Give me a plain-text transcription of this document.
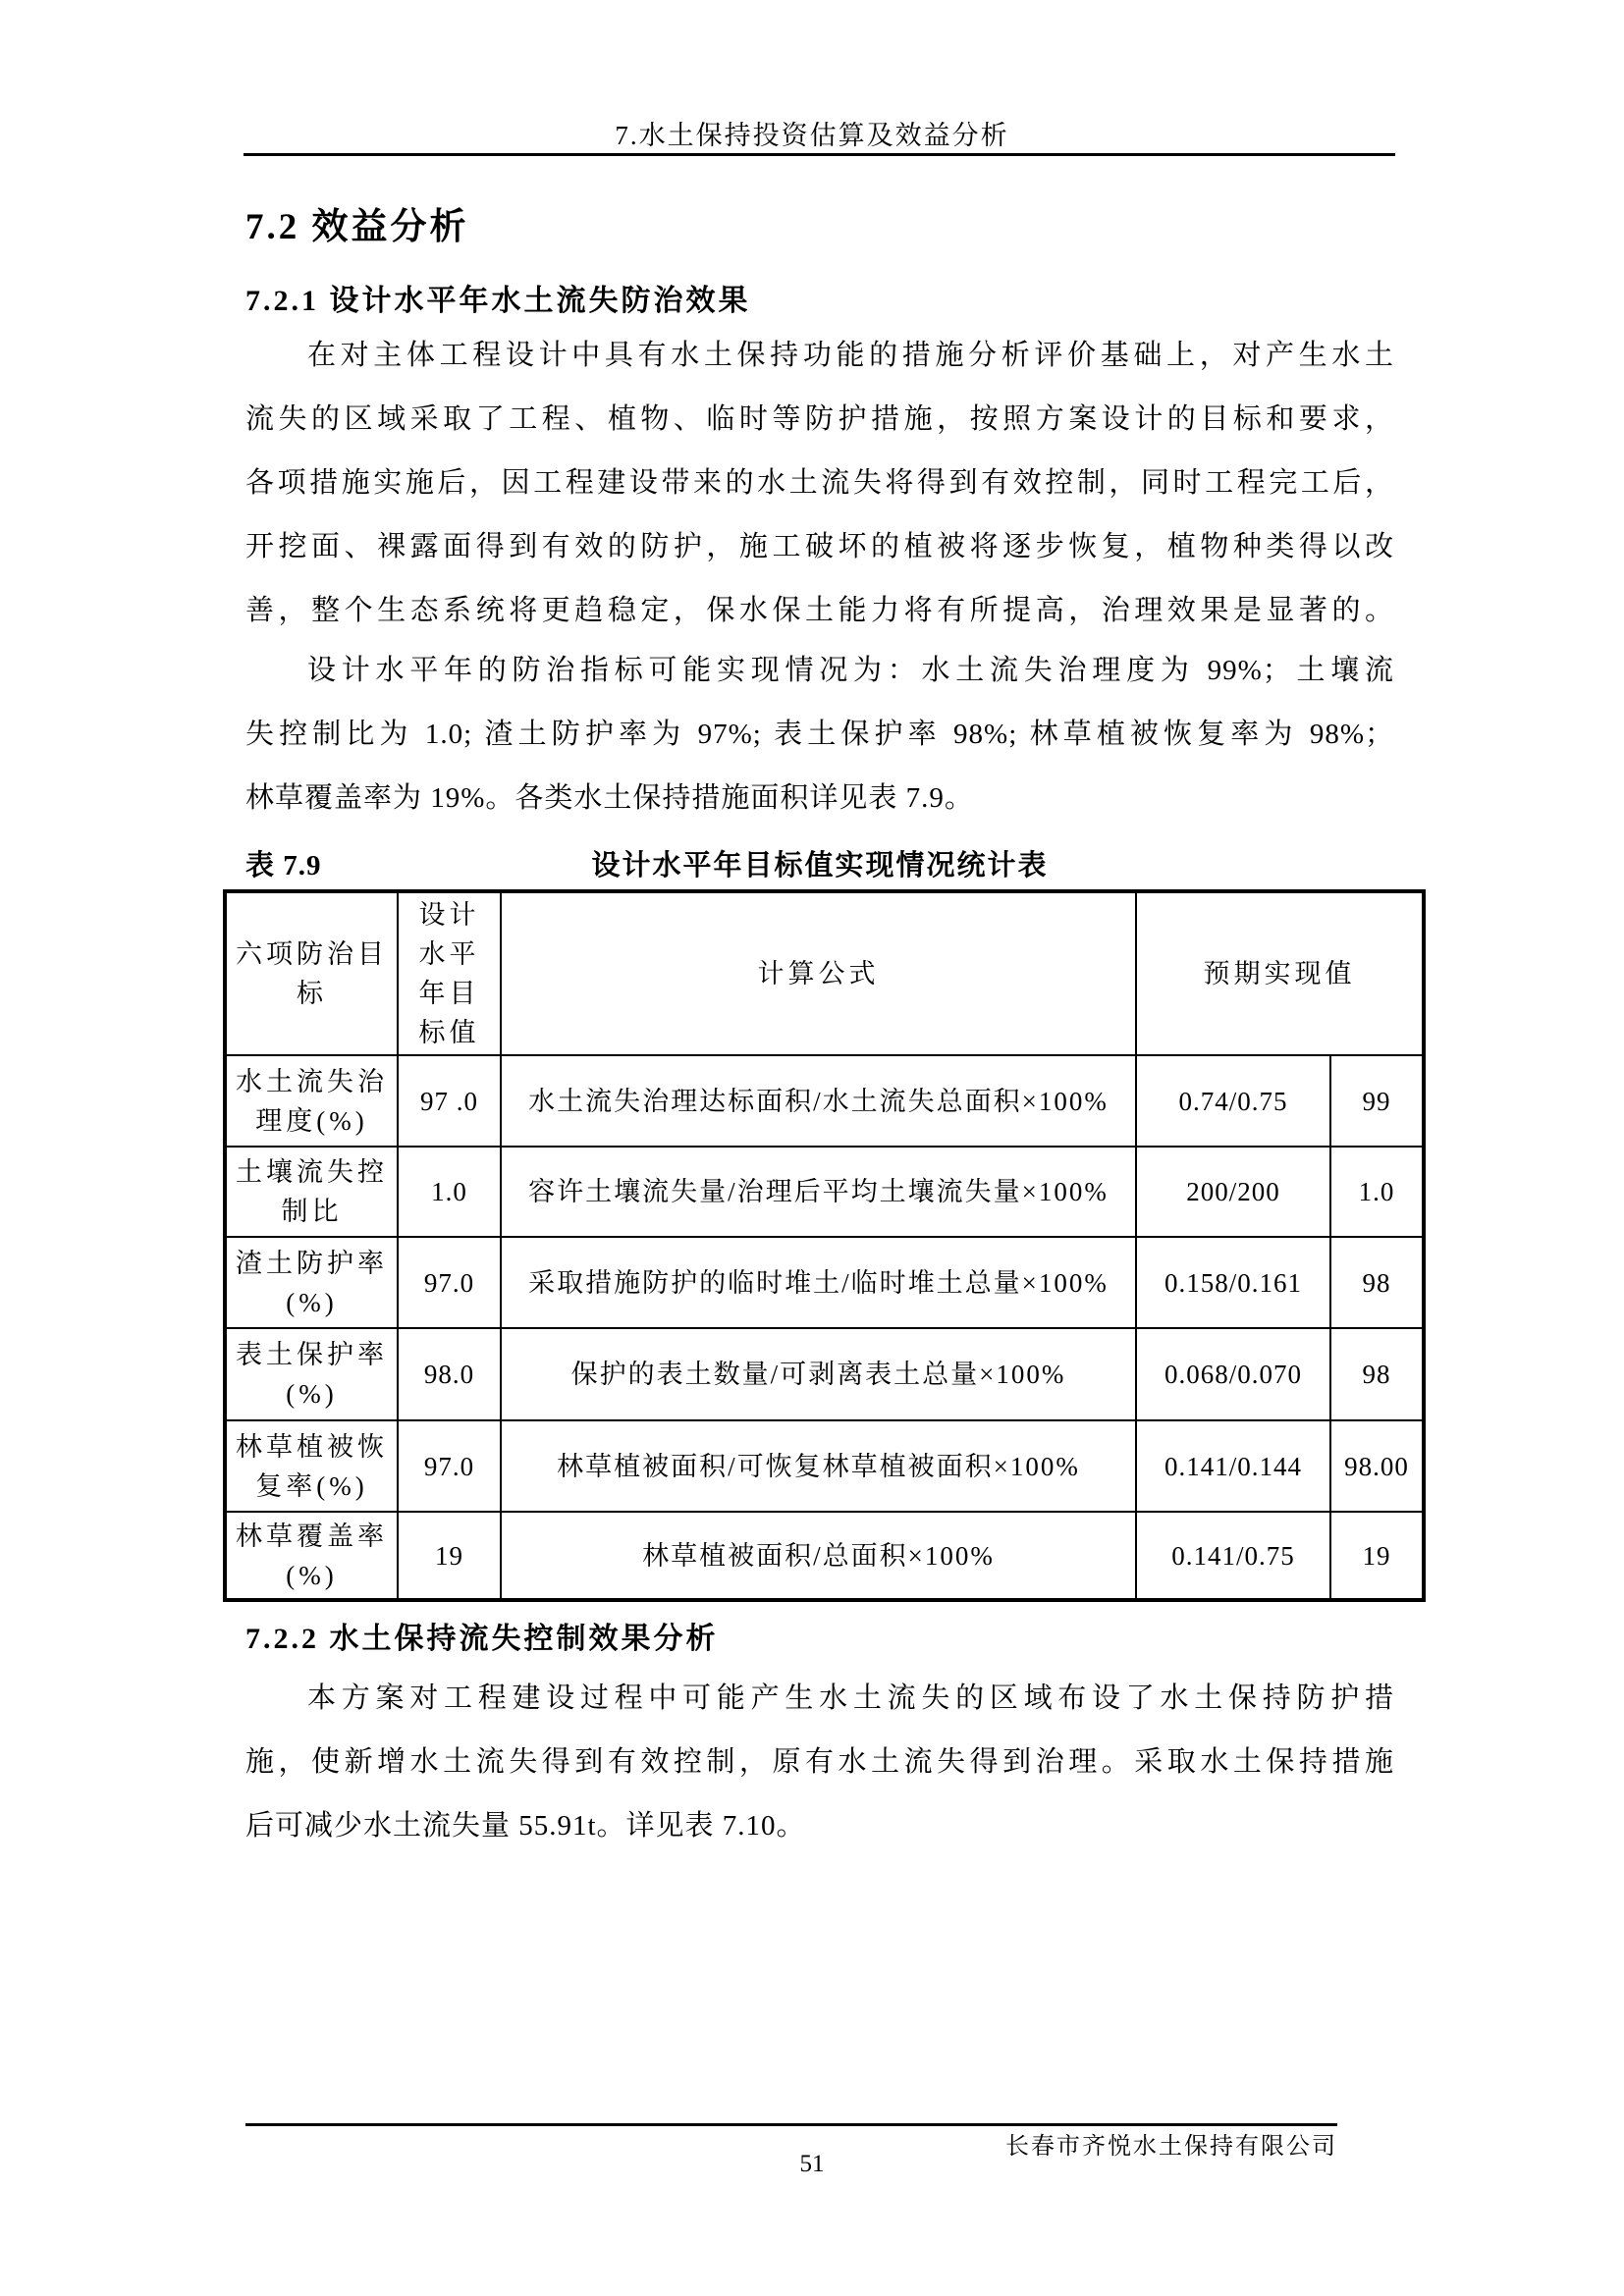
7.水土保持投资估算及效益分析
7.2 效益分析
7.2.1 设计水平年水土流失防治效果
在对主体工程设计中具有水土保持功能的措施分析评价基础上，对产生水土
流失的区域采取了工程、植物、临时等防护措施，按照方案设计的目标和要求，
各项措施实施后，因工程建设带来的水土流失将得到有效控制，同时工程完工后，
开挖面、裸露面得到有效的防护，施工破坏的植被将逐步恢复，植物种类得以改
善，整个生态系统将更趋稳定，保水保土能力将有所提高，治理效果是显著的。
设计水平年的防治指标可能实现情况为：水土流失治理度为 99%；土壤流
失控制比为 1.0; 渣土防护率为 97%; 表土保护率 98%; 林草植被恢复率为 98%；
林草覆盖率为 19%。各类水土保持措施面积详见表 7.9。
表 7.9	设计水平年目标值实现情况统计表
六项防治目标	设计水平年目标值	计算公式	预期实现值	
水土流失治理度(%)	97 .0	水土流失治理达标面积/水土流失总面积×100%	0.74/0.75	99
土壤流失控制比	1.0	容许土壤流失量/治理后平均土壤流失量×100%	200/200	1.0
渣土防护率(%)	97.0	采取措施防护的临时堆土/临时堆土总量×100%	0.158/0.161	98
表土保护率(%)	98.0	保护的表土数量/可剥离表土总量×100%	0.068/0.070	98
林草植被恢复率(%)	97.0	林草植被面积/可恢复林草植被面积×100%	0.141/0.144	98.00
林草覆盖率(%)	19	林草植被面积/总面积×100%	0.141/0.75	19
7.2.2 水土保持流失控制效果分析
本方案对工程建设过程中可能产生水土流失的区域布设了水土保持防护措
施，使新增水土流失得到有效控制，原有水土流失得到治理。采取水土保持措施
后可减少水土流失量 55.91t。详见表 7.10。
长春市齐悦水土保持有限公司
51
